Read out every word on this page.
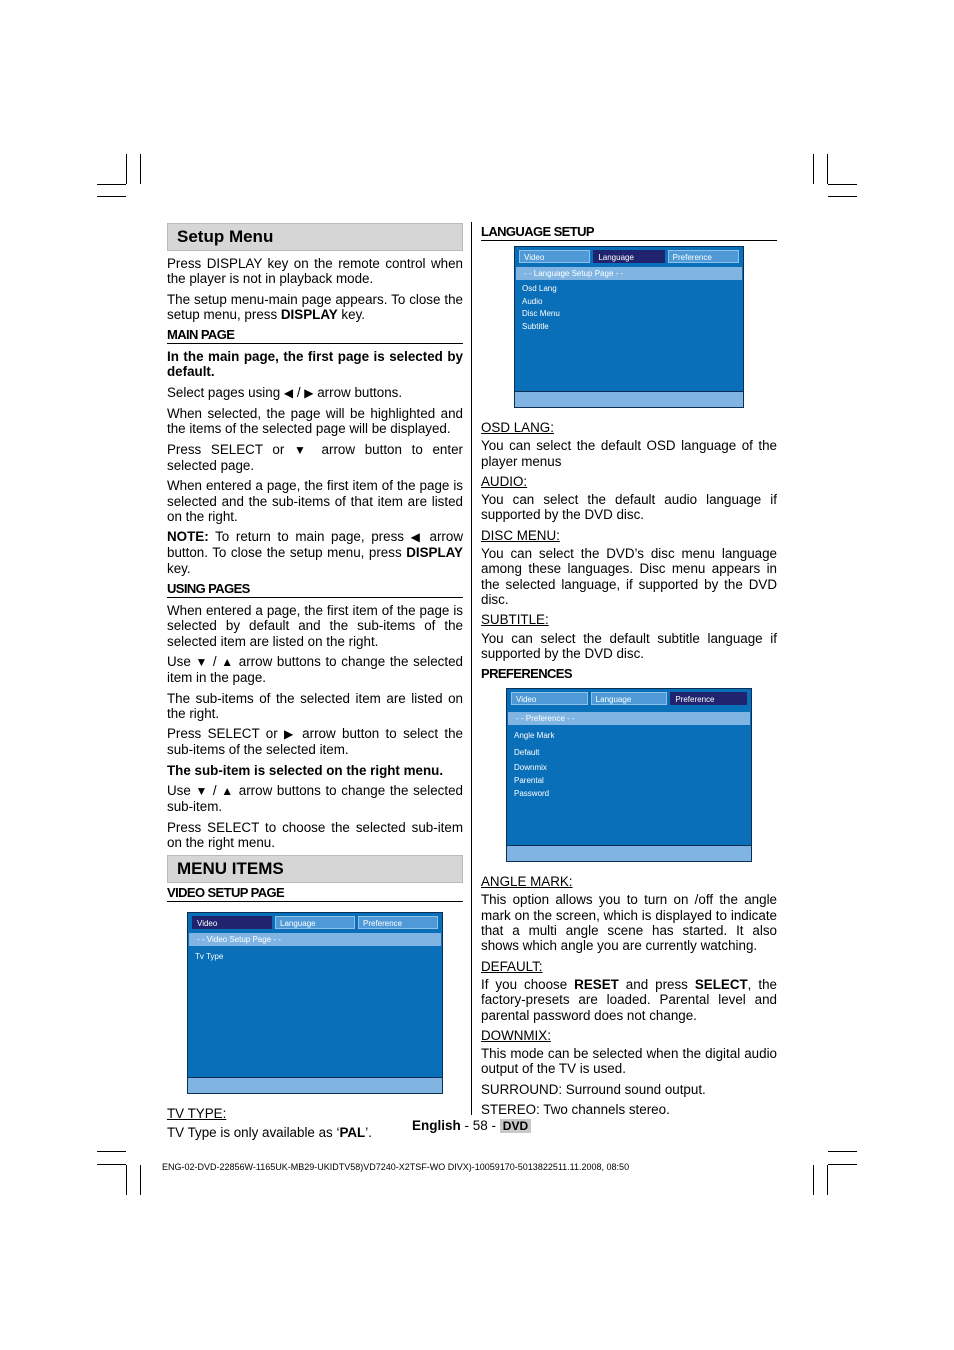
Setup Menu

Press DISPLAY key on the remote control when the player is not in playback mode.

The setup menu-main page appears. To close the setup menu, press DISPLAY key.

MAIN PAGE

In the main page, the first page is selected by default.

Select pages using ◀ / ▶ arrow buttons.

When selected, the page will be highlighted and the items of the selected page will be displayed.

Press SELECT or ▼ arrow button to enter selected page.

When entered a page, the first item of the page is selected and the sub-items of that item are listed on the right.

NOTE: To return to main page, press ◀ arrow button. To close the setup menu, press DISPLAY key.

USING PAGES

When entered a page, the first item of the page is selected by default and the sub-items of the selected item are listed on the right.

Use ▼ / ▲ arrow buttons to change the selected item in the page.

The sub-items of the selected item are listed on the right.

Press SELECT or ▶ arrow button to select the sub-items of the selected item.

The sub-item is selected on the right menu.

Use ▼ / ▲ arrow buttons to change the selected sub-item.

Press SELECT to choose the selected sub-item on the right menu.

MENU ITEMS
VIDEO SETUP PAGE
Video	Language	Preference
- - Video Setup Page - -
Tv Type

TV TYPE:

TV Type is only available as ‘PAL’.

LANGUAGE SETUP
Video	Language	Preference
- - Language Setup Page - -
Osd Lang
Audio
Disc Menu
Subtitle

OSD LANG:

You can select the default OSD language of the player menus

AUDIO:

You can select the default audio language if supported by the DVD disc.

DISC MENU:

You can select the DVD’s disc menu language among these languages. Disc menu appears in the selected language, if supported by the DVD disc.

SUBTITLE:

You can select the default subtitle language if supported by the DVD disc.

PREFERENCES
Video	Language	Preference
- - Preference - -
Angle Mark
Default
Downmix
Parental
Password

ANGLE MARK:

This option allows you to turn on /off the angle mark on the screen, which is displayed to indicate that a multi angle scene has started. It also shows which angle you are currently watching.

DEFAULT:

If you choose RESET and press SELECT, the factory-presets are loaded. Parental level and parental password does not change.

DOWNMIX:

This mode can be selected when the digital audio output of the TV is used.

SURROUND: Surround sound output.

STEREO: Two channels stereo.

English - 58 - DVD
ENG-02-DVD-22856W-1165UK-MB29-UKIDTV58)VD7240-X2TSF-WO DIVX)-10059170-5013822511.11.2008, 08:50
